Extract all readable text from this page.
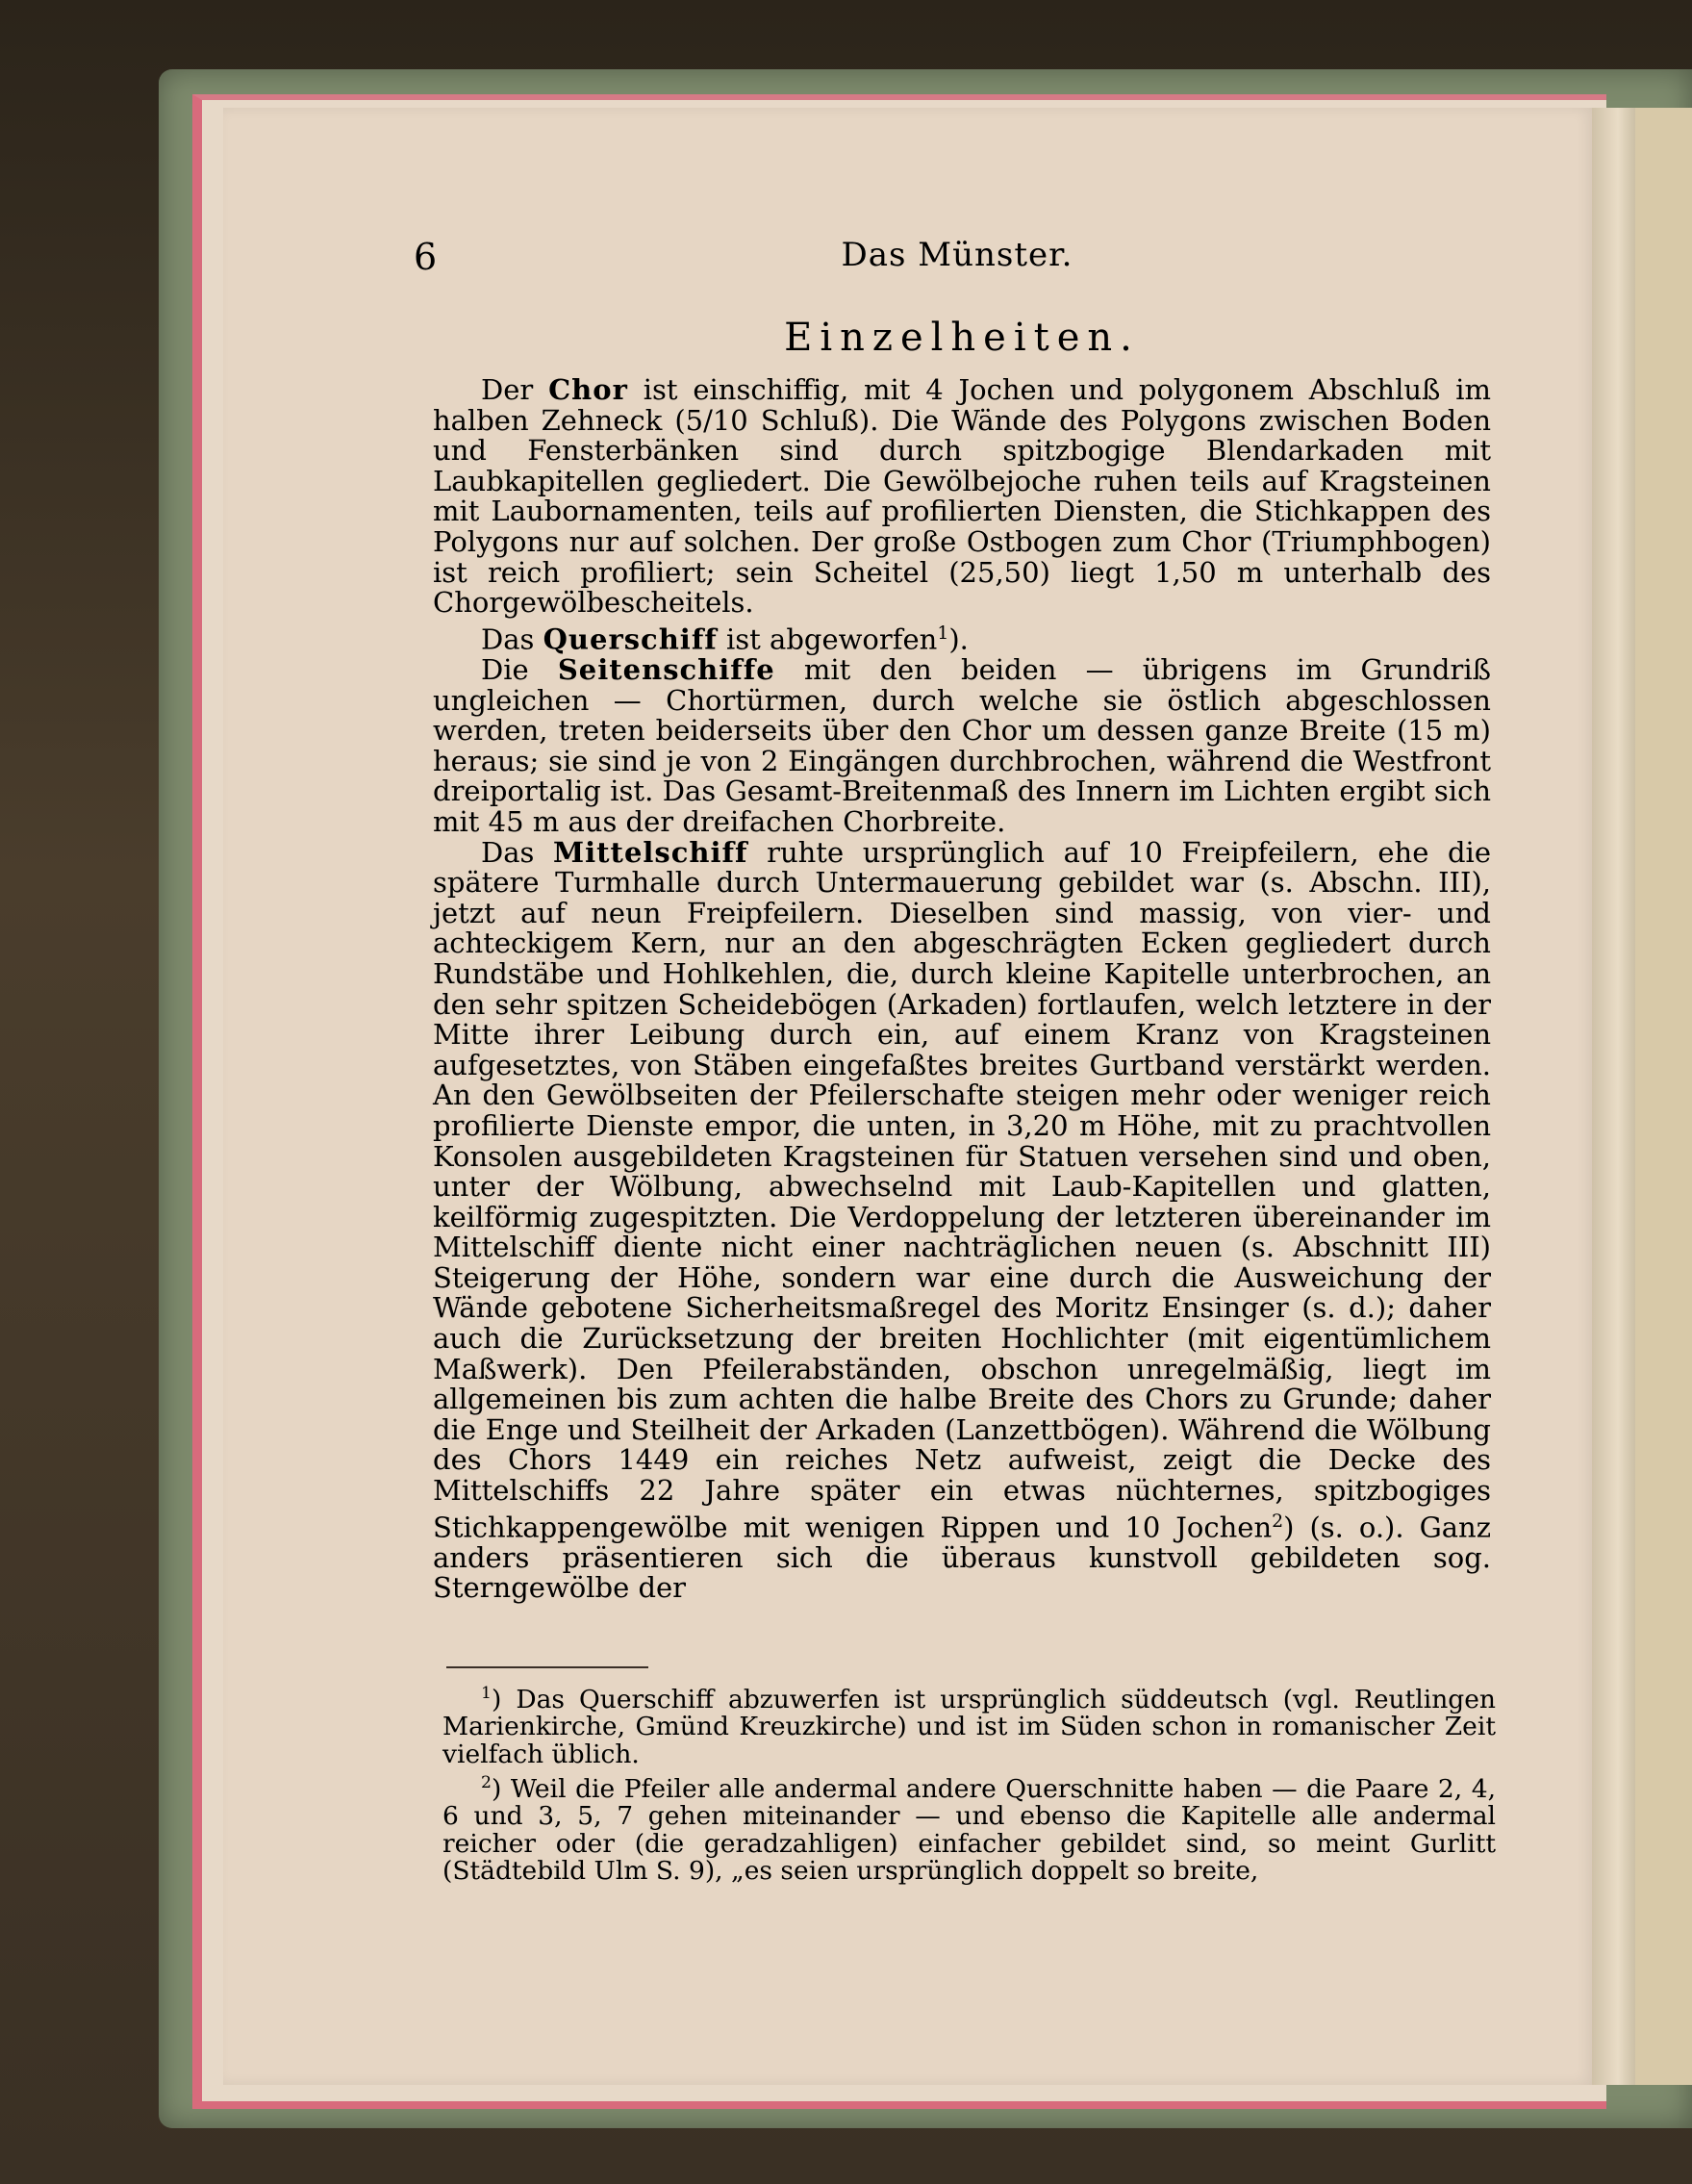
6	Das Münster.
Einzelheiten.

Der Chor ist einschiffig, mit 4 Jochen und polygonem Abschluß im halben Zehneck (5/10 Schluß). Die Wände des Polygons zwischen Boden und Fensterbänken sind durch spitzbogige Blendarkaden mit Laubkapitellen gegliedert. Die Gewölbejoche ruhen teils auf Kragsteinen mit Laubornamenten, teils auf profilierten Diensten, die Stichkappen des Polygons nur auf solchen. Der große Ostbogen zum Chor (Triumphbogen) ist reich profiliert; sein Scheitel (25,50) liegt 1,50 m unterhalb des Chorgewölbescheitels.

Das Querschiff ist abgeworfen$^1$).

Die Seitenschiffe mit den beiden — übrigens im Grundriß ungleichen — Chortürmen, durch welche sie östlich abgeschlossen werden, treten beiderseits über den Chor um dessen ganze Breite (15 m) heraus; sie sind je von 2 Eingängen durchbrochen, während die Westfront dreiportalig ist. Das Gesamt-Breitenmaß des Innern im Lichten ergibt sich mit 45 m aus der dreifachen Chorbreite.

Das Mittelschiff ruhte ursprünglich auf 10 Freipfeilern, ehe die spätere Turmhalle durch Untermauerung gebildet war (s. Abschn. III), jetzt auf neun Freipfeilern. Dieselben sind massig, von vier- und achteckigem Kern, nur an den abgeschrägten Ecken gegliedert durch Rundstäbe und Hohlkehlen, die, durch kleine Kapitelle unterbrochen, an den sehr spitzen Scheidebögen (Arkaden) fortlaufen, welch letztere in der Mitte ihrer Leibung durch ein, auf einem Kranz von Kragsteinen aufgesetztes, von Stäben eingefaßtes breites Gurtband verstärkt werden. An den Gewölbseiten der Pfeilerschafte steigen mehr oder weniger reich profilierte Dienste empor, die unten, in 3,20 m Höhe, mit zu prachtvollen Konsolen ausgebildeten Kragsteinen für Statuen versehen sind und oben, unter der Wölbung, abwechselnd mit Laub-Kapitellen und glatten, keilförmig zugespitzten. Die Verdoppelung der letzteren übereinander im Mittelschiff diente nicht einer nachträglichen neuen (s. Abschnitt III) Steigerung der Höhe, sondern war eine durch die Ausweichung der Wände gebotene Sicherheitsmaßregel des Moritz Ensinger (s. d.); daher auch die Zurücksetzung der breiten Hochlichter (mit eigentümlichem Maßwerk). Den Pfeilerabständen, obschon unregelmäßig, liegt im allgemeinen bis zum achten die halbe Breite des Chors zu Grunde; daher die Enge und Steilheit der Arkaden (Lanzettbögen). Während die Wölbung des Chors 1449 ein reiches Netz aufweist, zeigt die Decke des Mittelschiffs 22 Jahre später ein etwas nüchternes, spitzbogiges Stichkappengewölbe mit wenigen Rippen und 10 Jochen$^2$) (s. o.). Ganz anders präsentieren sich die überaus kunstvoll gebildeten sog. Sterngewölbe der

$^1$) Das Querschiff abzuwerfen ist ursprünglich süddeutsch (vgl. Reutlingen Marienkirche, Gmünd Kreuzkirche) und ist im Süden schon in romanischer Zeit vielfach üblich.

$^2$) Weil die Pfeiler alle andermal andere Querschnitte haben — die Paare 2, 4, 6 und 3, 5, 7 gehen miteinander — und ebenso die Kapitelle alle andermal reicher oder (die geradzahligen) einfacher gebildet sind, so meint Gurlitt (Städtebild Ulm S. 9), „es seien ursprünglich doppelt so breite,
